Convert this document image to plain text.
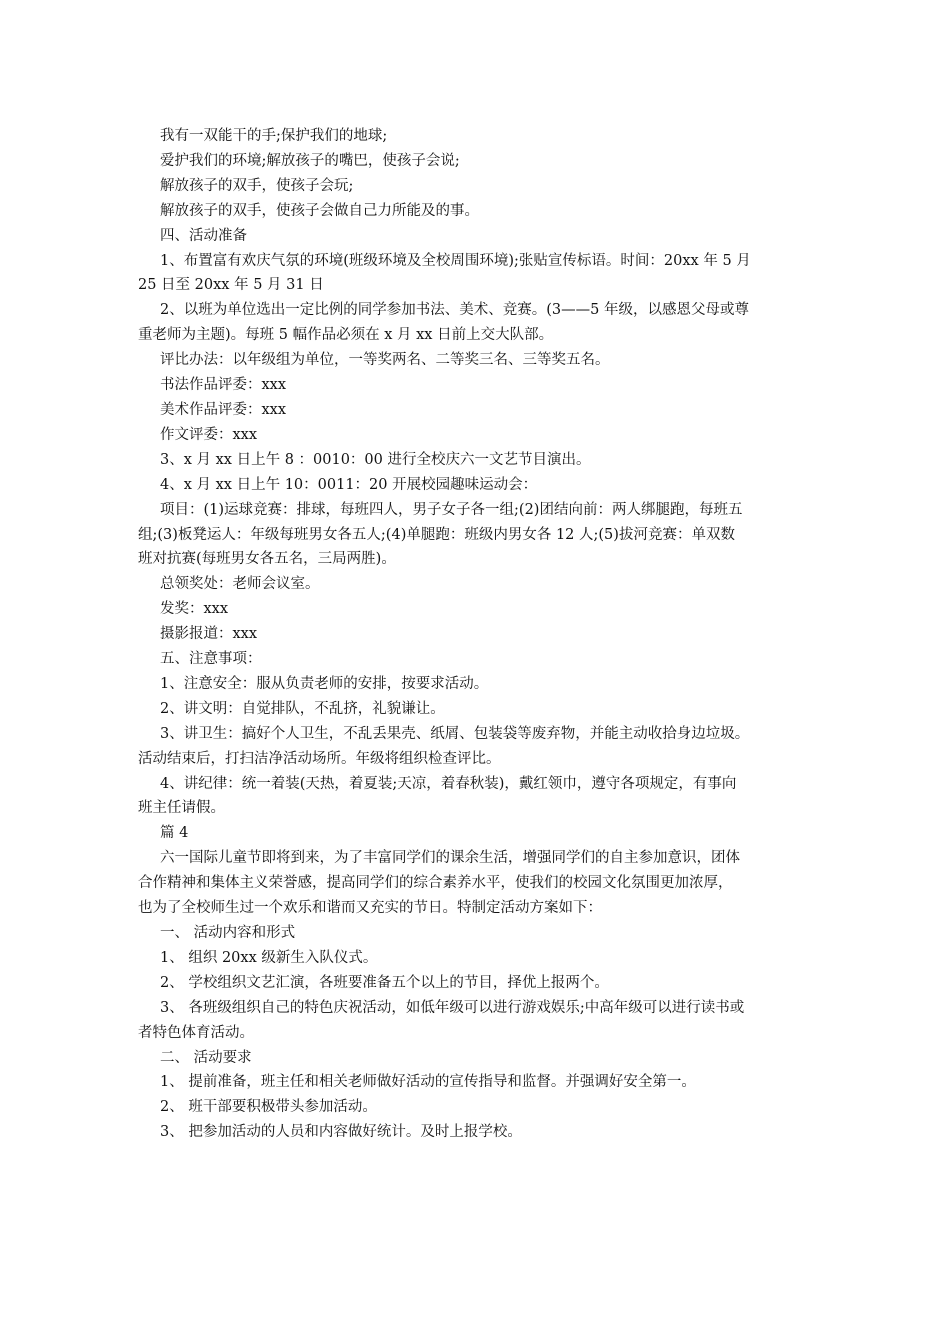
我有一双能干的手;保护我们的地球;

爱护我们的环境;解放孩子的嘴巴，使孩子会说;

解放孩子的双手，使孩子会玩;

解放孩子的双手，使孩子会做自己力所能及的事。

四、活动准备

1、布置富有欢庆气氛的环境(班级环境及全校周围环境);张贴宣传标语。时间：20xx 年 5 月

25 日至 20xx 年 5 月 31 日

2、以班为单位选出一定比例的同学参加书法、美术、竞赛。(3——5 年级，以感恩父母或尊

重老师为主题)。每班 5 幅作品必须在 x 月 xx 日前上交大队部。

评比办法：以年级组为单位，一等奖两名、二等奖三名、三等奖五名。

书法作品评委：xxx

美术作品评委：xxx

作文评委：xxx

3、x 月 xx 日上午 8 ：0010：00 进行全校庆六一文艺节目演出。

4、x 月 xx 日上午 10：0011：20 开展校园趣味运动会：

项目：(1)运球竞赛：排球，每班四人，男子女子各一组;(2)团结向前：两人绑腿跑，每班五

组;(3)板凳运人：年级每班男女各五人;(4)单腿跑：班级内男女各 12 人;(5)拔河竞赛：单双数

班对抗赛(每班男女各五名，三局两胜)。

总领奖处：老师会议室。

发奖：xxx

摄影报道：xxx

五、注意事项：

1、注意安全：服从负责老师的安排，按要求活动。

2、讲文明：自觉排队，不乱挤，礼貌谦让。

3、讲卫生：搞好个人卫生，不乱丢果壳、纸屑、包装袋等废弃物，并能主动收拾身边垃圾。

活动结束后，打扫洁净活动场所。年级将组织检查评比。

4、讲纪律：统一着装(天热，着夏装;天凉，着春秋装)，戴红领巾，遵守各项规定，有事向

班主任请假。

篇 4

六一国际儿童节即将到来，为了丰富同学们的课余生活，增强同学们的自主参加意识，团体

合作精神和集体主义荣誉感，提高同学们的综合素养水平，使我们的校园文化氛围更加浓厚，

也为了全校师生过一个欢乐和谐而又充实的节日。特制定活动方案如下：

一、 活动内容和形式

1、 组织 20xx 级新生入队仪式。

2、 学校组织文艺汇演，各班要准备五个以上的节目，择优上报两个。

3、 各班级组织自己的特色庆祝活动，如低年级可以进行游戏娱乐;中高年级可以进行读书或

者特色体育活动。

二、 活动要求

1、 提前准备，班主任和相关老师做好活动的宣传指导和监督。并强调好安全第一。

2、 班干部要积极带头参加活动。

3、 把参加活动的人员和内容做好统计。及时上报学校。
